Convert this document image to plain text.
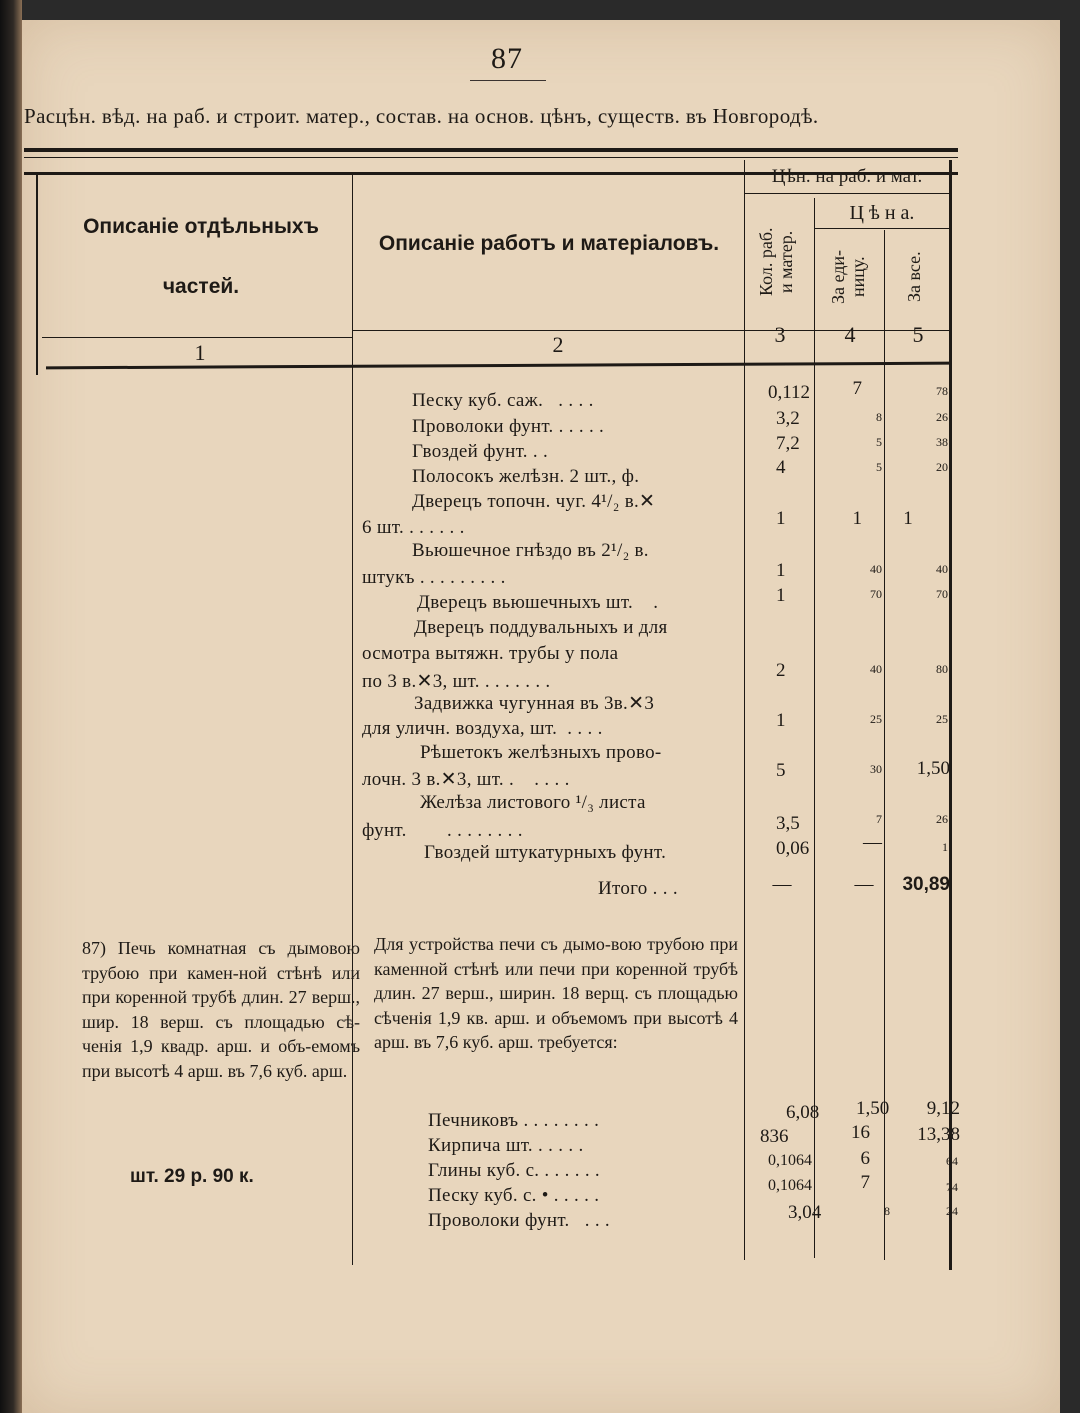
87
Расцѣн. вѣд. на раб. и строит. матер., состав. на основ. цѣнъ, существ. въ Новгородѣ.
Описаніе отдѣльныхъ
частей.
Описаніе работъ и матеріаловъ.
Цѣн. на раб. и мат.
Ц ѣ н а.
Кол. раб.
и матер. За еди-
ницу. За все.
1	2	3	4	5
Песку куб. саж. . . . .	0,112	7	78
Проволоки фунт. . . . . .	3,2	8	26
Гвоздей фунт. . .	7,2	5	38
Полосокъ желѣзн. 2 шт., ф.	4	5	20
Дверецъ топочн. чуг. 4¹/₂ в.✕
6 шт. . . . . . .	1	1	1
Вьюшечное гнѣздо въ 2¹/₂ в.
штукъ . . . . . . . . .	1	40	40
Дверецъ вьюшечныхъ шт. .	1	70	70
Дверецъ поддувальныхъ и для
осмотра вытяжн. трубы у пола
по 3 в.✕3, шт. . . . . . . .
2	40	80
Задвижка чугунная въ 3в.✕3
для уличн. воздуха, шт. . . . .	1	25	25
Рѣшетокъ желѣзныхъ прово-
лочн. 3 в.✕3, шт. . . . . .	5	30	1,50
Желѣза листового ¹/₃ листа
фунт. . . . . . . . .	3,5	7	26
Гвоздей штукатурныхъ фунт.	0,06	—	1
Итого . . .	—	—	30,89
87) Печь комнатная съ дымовою трубою при камен-ной стѣнѣ или при коренной трубѣ длин. 27 верш., шир. 18 верш. съ площадью сѣ-ченія 1,9 квадр. арш. и объ-емомъ при высотѣ 4 арш. въ 7,6 куб. арш.
шт. 29 р. 90 к.
Для устройства печи съ дымо-вою трубою при каменной стѣнѣ или печи при коренной трубѣ длин. 27 верш., ширин. 18 верщ. съ площадью сѣченія 1,9 кв. арш. и объемомъ при высотѣ 4 арш. въ 7,6 куб. арш. требуется:
Печниковъ . . . . . . . .	6,08	1,50	9,12
Кирпича шт. . . . . .	836	16	13,38
Глины куб. с. . . . . . .	0,1064	6	64
Песку куб. с. • . . . . .	0,1064	7	74
Проволоки фунт. . . .	3,04	8	24
